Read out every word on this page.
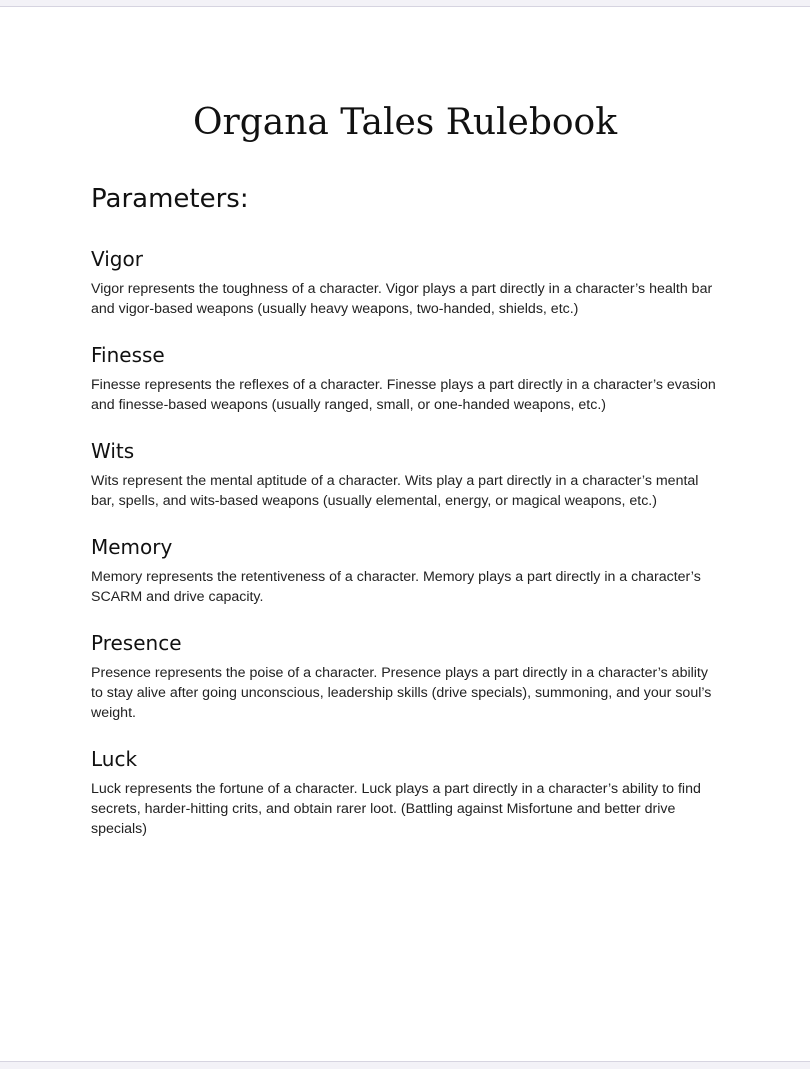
Organa Tales Rulebook
Parameters:
Vigor

Vigor represents the toughness of a character. Vigor plays a part directly in a character’s health bar and vigor-based weapons (usually heavy weapons, two-handed, shields, etc.)

Finesse

Finesse represents the reflexes of a character. Finesse plays a part directly in a character’s evasion and finesse-based weapons (usually ranged, small, or one-handed weapons, etc.)

Wits

Wits represent the mental aptitude of a character. Wits play a part directly in a character’s mental bar, spells, and wits-based weapons (usually elemental, energy, or magical weapons, etc.)

Memory

Memory represents the retentiveness of a character. Memory plays a part directly in a character’s SCARM and drive capacity.

Presence

Presence represents the poise of a character. Presence plays a part directly in a character’s ability to stay alive after going unconscious, leadership skills (drive specials), summoning, and your soul’s weight.

Luck

Luck represents the fortune of a character. Luck plays a part directly in a character’s ability to find secrets, harder-hitting crits, and obtain rarer loot. (Battling against Misfortune and better drive specials)
